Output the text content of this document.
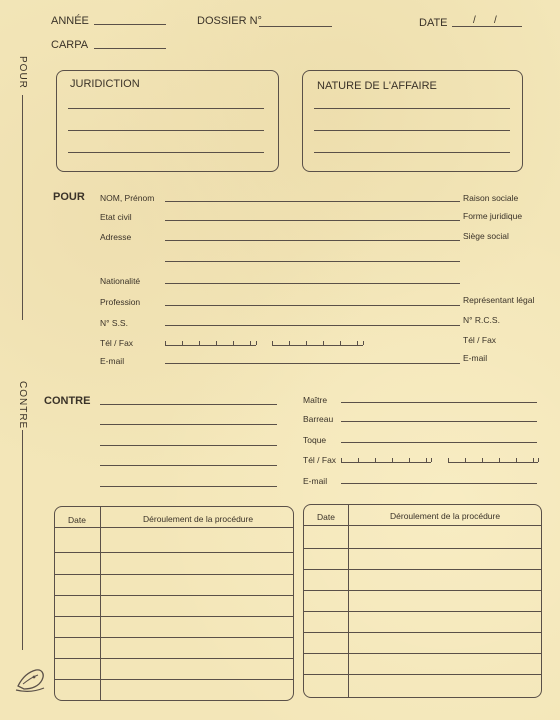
ANNÉE	DOSSIER N°	DATE	/ /
CARPA
POUR
CONTRE
JURIDICTION	NATURE DE L'AFFAIRE
POUR NOM, Prénom
Etat civil
Adresse
Nationalité
Profession
N° S.S.
Tél / Fax
E-mail
Raison sociale
Forme juridique
Siège social
Représentant légal
N° R.C.S.
Tél / Fax
E-mail
CONTRE	Maître
Barreau
Toque
Tél / Fax
E-mail
Date	Déroulement de la procédure	Date	Déroulement de la procédure
